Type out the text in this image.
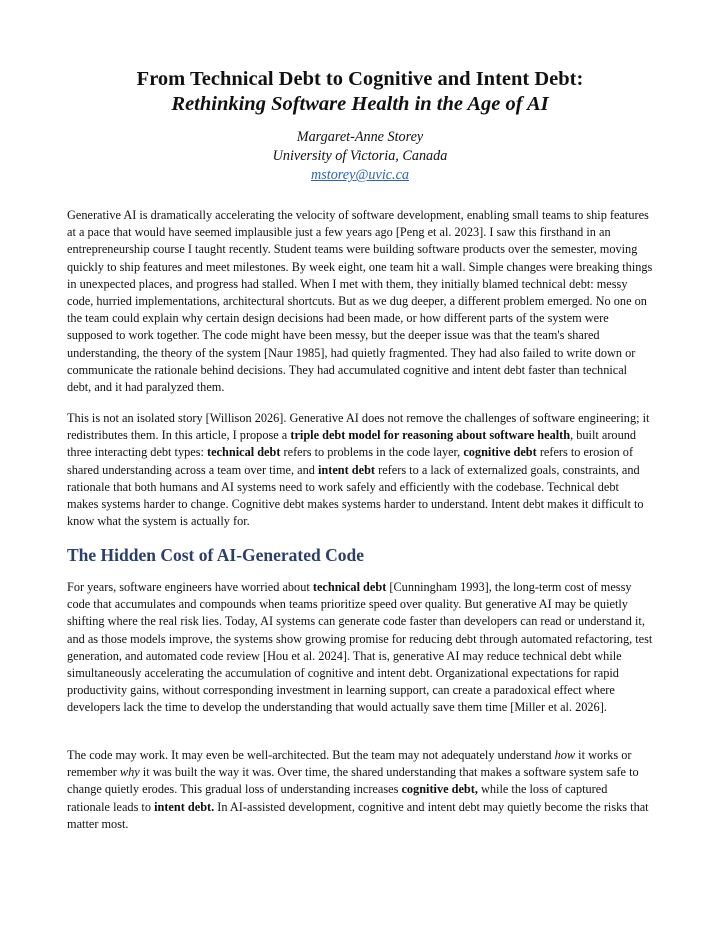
From Technical Debt to Cognitive and Intent Debt:
Rethinking Software Health in the Age of AI
Margaret-Anne Storey
University of Victoria, Canada
mstorey@uvic.ca

Generative AI is dramatically accelerating the velocity of software development, enabling small teams to ship features at a pace that would have seemed implausible just a few years ago [Peng et al. 2023]. I saw this firsthand in an entrepreneurship course I taught recently. Student teams were building software products over the semester, moving quickly to ship features and meet milestones. By week eight, one team hit a wall. Simple changes were breaking things in unexpected places, and progress had stalled. When I met with them, they initially blamed technical debt: messy code, hurried implementations, architectural shortcuts. But as we dug deeper, a different problem emerged. No one on the team could explain why certain design decisions had been made, or how different parts of the system were supposed to work together. The code might have been messy, but the deeper issue was that the team's shared understanding, the theory of the system [Naur 1985], had quietly fragmented. They had also failed to write down or communicate the rationale behind decisions. They had accumulated cognitive and intent debt faster than technical debt, and it had paralyzed them.

This is not an isolated story [Willison 2026]. Generative AI does not remove the challenges of software engineering; it redistributes them. In this article, I propose a triple debt model for reasoning about software health, built around three interacting debt types: technical debt refers to problems in the code layer, cognitive debt refers to erosion of shared understanding across a team over time, and intent debt refers to a lack of externalized goals, constraints, and rationale that both humans and AI systems need to work safely and efficiently with the codebase. Technical debt makes systems harder to change. Cognitive debt makes systems harder to understand. Intent debt makes it difficult to know what the system is actually for.

The Hidden Cost of AI-Generated Code

For years, software engineers have worried about technical debt [Cunningham 1993], the long-term cost of messy code that accumulates and compounds when teams prioritize speed over quality. But generative AI may be quietly shifting where the real risk lies. Today, AI systems can generate code faster than developers can read or understand it, and as those models improve, the systems show growing promise for reducing debt through automated refactoring, test generation, and automated code review [Hou et al. 2024]. That is, generative AI may reduce technical debt while simultaneously accelerating the accumulation of cognitive and intent debt. Organizational expectations for rapid productivity gains, without corresponding investment in learning support, can create a paradoxical effect where developers lack the time to develop the understanding that would actually save them time [Miller et al. 2026].

The code may work. It may even be well-architected. But the team may not adequately understand how it works or remember why it was built the way it was. Over time, the shared understanding that makes a software system safe to change quietly erodes. This gradual loss of understanding increases cognitive debt, while the loss of captured rationale leads to intent debt. In AI-assisted development, cognitive and intent debt may quietly become the risks that matter most.
